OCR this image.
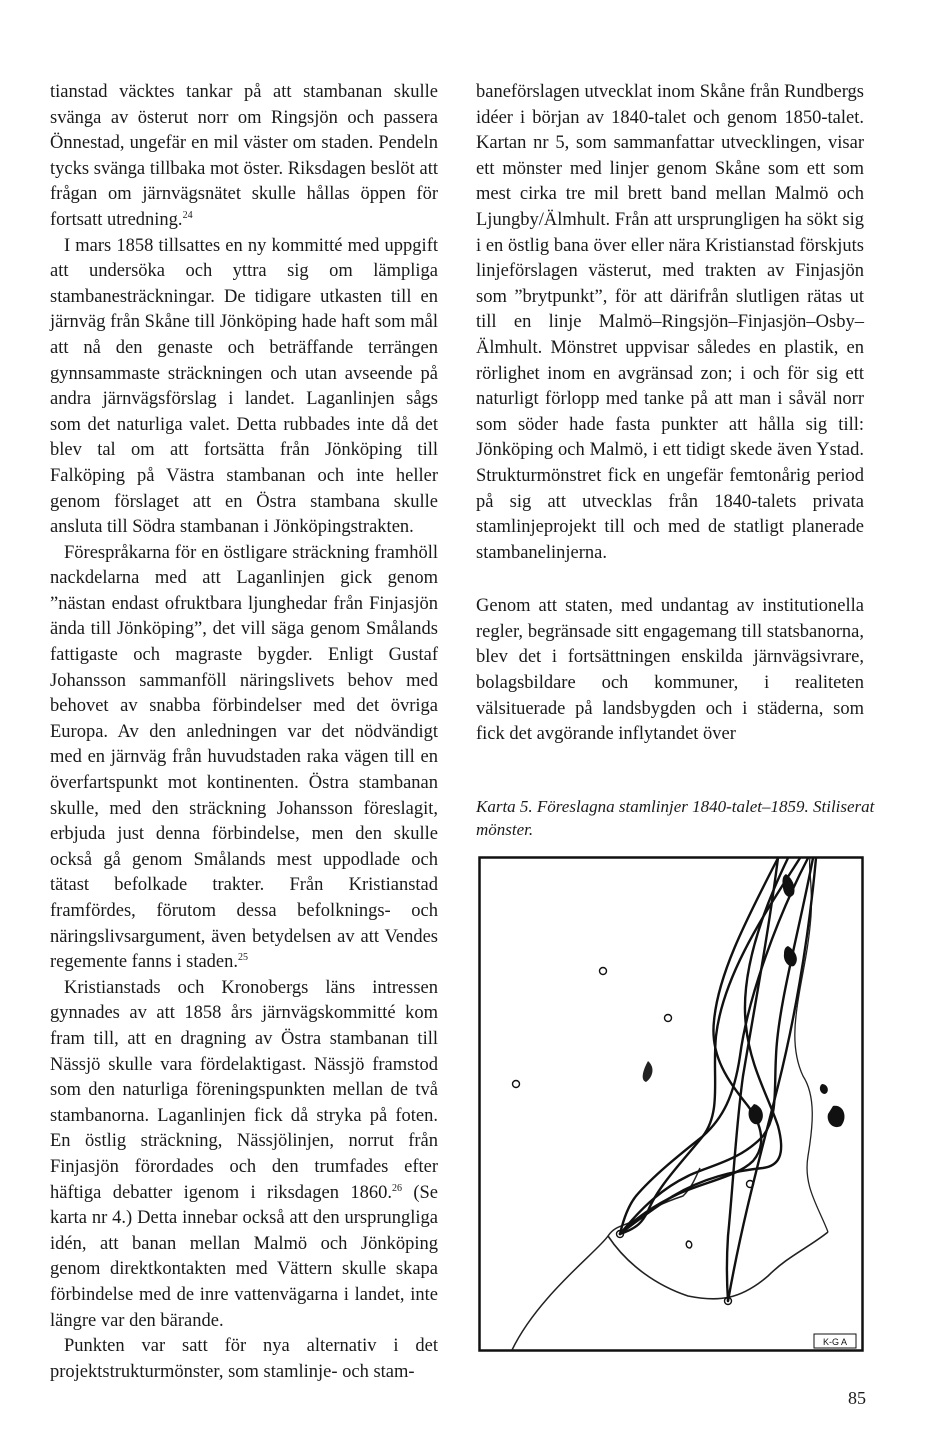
tianstad väcktes tankar på att stambanan skulle svänga av österut norr om Ringsjön och passera Önnestad, ungefär en mil väster om staden. Pendeln tycks svänga tillbaka mot öster. Riksdagen beslöt att frågan om järnvägsnätet skulle hållas öppen för fortsatt utredning.$^{24}$

I mars 1858 tillsattes en ny kommitté med uppgift att undersöka och yttra sig om lämpliga stambanesträckningar. De tidigare utkasten till en järnväg från Skåne till Jönköping hade haft som mål att nå den genaste och beträffande terrängen gynnsammaste sträckningen och utan avseende på andra järnvägsförslag i landet. Laganlinjen sågs som det naturliga valet. Detta rubbades inte då det blev tal om att fortsätta från Jönköping till Falköping på Västra stambanan och inte heller genom förslaget att en Östra stambana skulle ansluta till Södra stambanan i Jönköpingstrakten.

Förespråkarna för en östligare sträckning framhöll nackdelarna med att Laganlinjen gick genom ”nästan endast ofruktbara ljunghedar från Finjasjön ända till Jönköping”, det vill säga genom Smålands fattigaste och magraste bygder. Enligt Gustaf Johansson sammanföll näringslivets behov med behovet av snabba förbindelser med det övriga Europa. Av den anledningen var det nödvändigt med en järnväg från huvudstaden raka vägen till en överfartspunkt mot kontinenten. Östra stambanan skulle, med den sträckning Johansson föreslagit, erbjuda just denna förbindelse, men den skulle också gå genom Smålands mest uppodlade och tätast befolkade trakter. Från Kristianstad framfördes, förutom dessa befolknings- och näringslivsargument, även betydelsen av att Vendes regemente fanns i staden.$^{25}$

Kristianstads och Kronobergs läns intressen gynnades av att 1858 års järnvägskommitté kom fram till, att en dragning av Östra stambanan till Nässjö skulle vara fördelaktigast. Nässjö framstod som den naturliga föreningspunkten mellan de två stambanorna. Laganlinjen fick då stryka på foten. En östlig sträckning, Nässjölinjen, norrut från Finjasjön förordades och den trumfades efter häftiga debatter igenom i riksdagen 1860.26 (Se karta nr 4.) Detta innebar också att den ursprungliga idén, att banan mellan Malmö och Jönköping genom direktkontakten med Vättern skulle skapa förbindelse med de inre vattenvägarna i landet, inte längre var den bärande.

Punkten var satt för nya alternativ i det projektstrukturmönster, som stamlinje- och stam-

baneförslagen utvecklat inom Skåne från Rundbergs idéer i början av 1840-talet och genom 1850-talet. Kartan nr 5, som sammanfattar utvecklingen, visar ett mönster med linjer genom Skåne som ett som mest cirka tre mil brett band mellan Malmö och Ljungby/Älmhult. Från att ursprungligen ha sökt sig i en östlig bana över eller nära Kristianstad förskjuts linjeförslagen västerut, med trakten av Finjasjön som ”brytpunkt”, för att därifrån slutligen rätas ut till en linje Malmö–Ringsjön–Finjasjön–Osby–Älmhult. Mönstret uppvisar således en plastik, en rörlighet inom en avgränsad zon; i och för sig ett naturligt förlopp med tanke på att man i såväl norr som söder hade fasta punkter att hålla sig till: Jönköping och Malmö, i ett tidigt skede även Ystad. Strukturmönstret fick en ungefär femtonårig period på sig att utvecklas från 1840-talets privata stamlinjeprojekt till och med de statligt planerade stambanelinjerna.

Genom att staten, med undantag av institutionella regler, begränsade sitt engagemang till statsbanorna, blev det i fortsättningen enskilda järnvägsivrare, bolagsbildare och kommuner, i realiteten välsituerade på landsbygden och i städerna, som fick det avgörande inflytandet över

Karta 5. Föreslagna stamlinjer 1840-talet–1859. Stiliserat mönster.
K-G A
85
